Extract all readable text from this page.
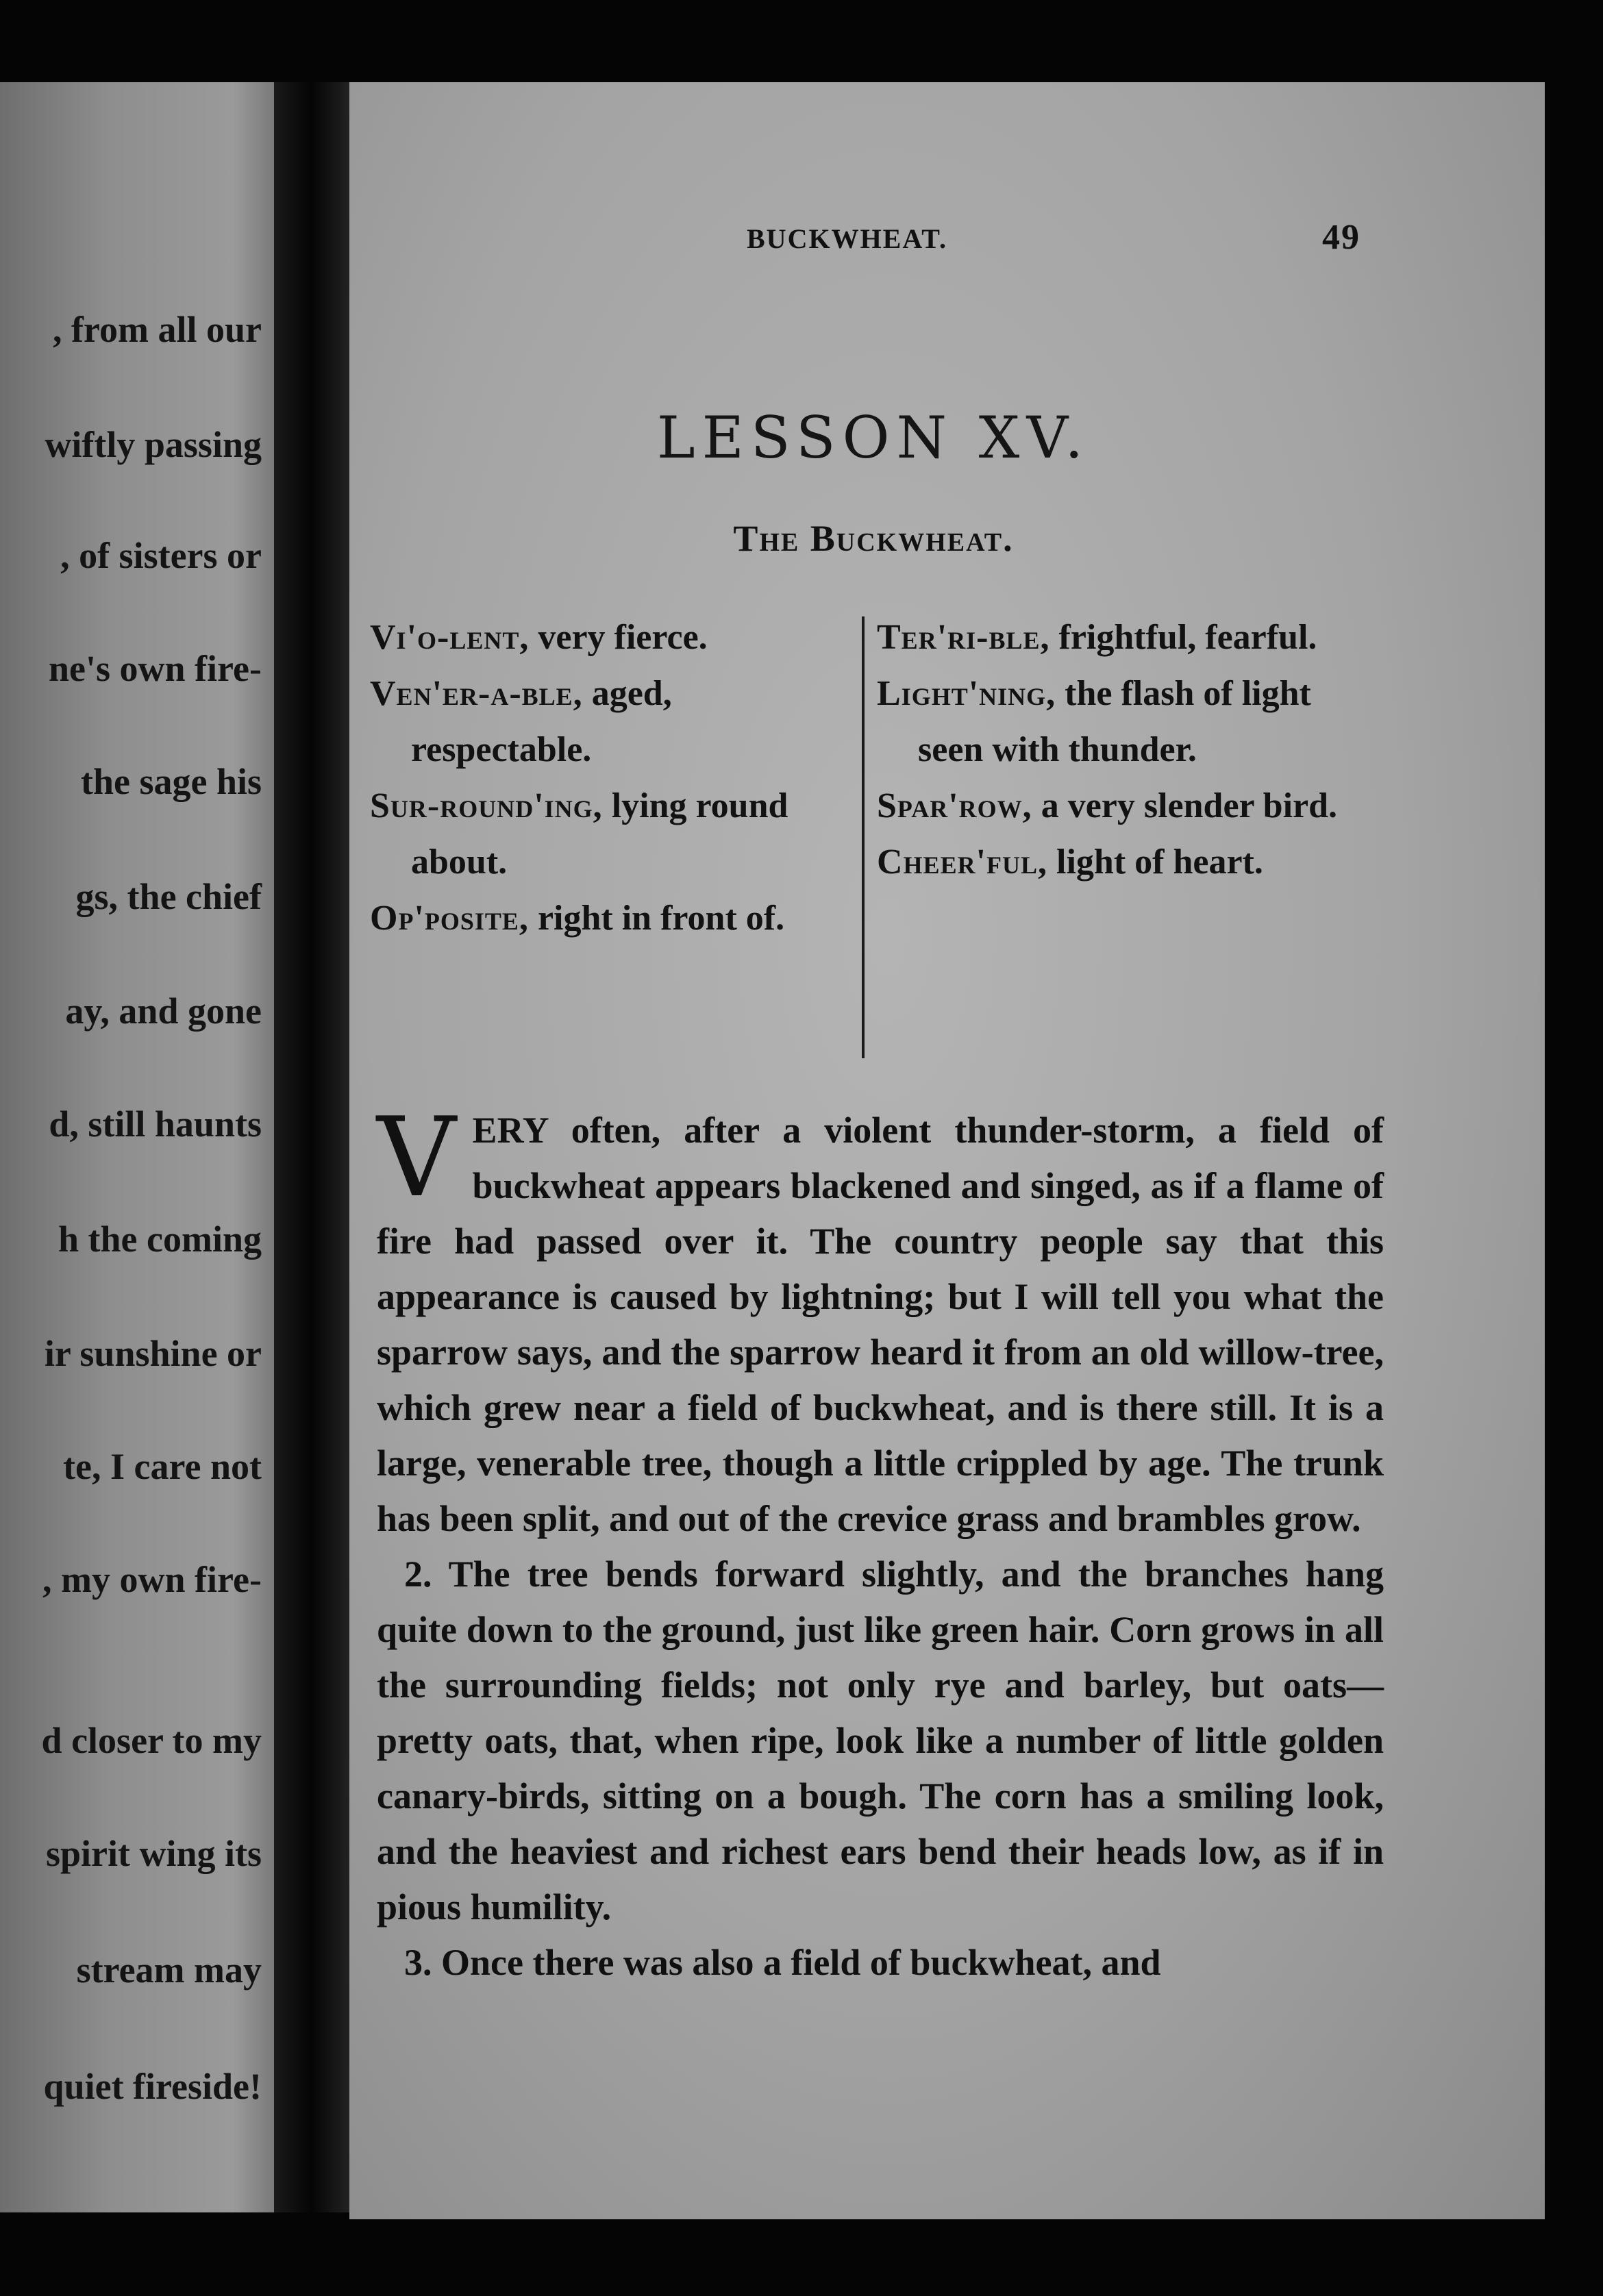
, from all our
wiftly passing
, of sisters or
ne's own fire-
the sage his
gs, the chief
ay, and gone
d, still haunts
h the coming
ir sunshine or
te, I care not
, my own fire-
d closer to my
spirit wing its
stream may
quiet fireside!
BUCKWHEAT.	49
LESSON XV.
The Buckwheat.

Vi'o-lent, very fierce.

Ven'er-a-ble, aged, respectable.

Sur-round'ing, lying round about.

Op'posite, right in front of.

Ter'ri-ble, frightful, fearful.

Light'ning, the flash of light seen with thunder.

Spar'row, a very slender bird.

Cheer'ful, light of heart.

VERY often, after a violent thunder-storm, a field of buckwheat appears blackened and singed, as if a flame of fire had passed over it. The country people say that this appearance is caused by lightning; but I will tell you what the sparrow says, and the sparrow heard it from an old willow-tree, which grew near a field of buckwheat, and is there still. It is a large, venerable tree, though a little crippled by age. The trunk has been split, and out of the crevice grass and brambles grow.

2. The tree bends forward slightly, and the branches hang quite down to the ground, just like green hair. Corn grows in all the surrounding fields; not only rye and barley, but oats—pretty oats, that, when ripe, look like a number of little golden canary-birds, sitting on a bough. The corn has a smiling look, and the heaviest and richest ears bend their heads low, as if in pious humility.

3. Once there was also a field of buckwheat, and
